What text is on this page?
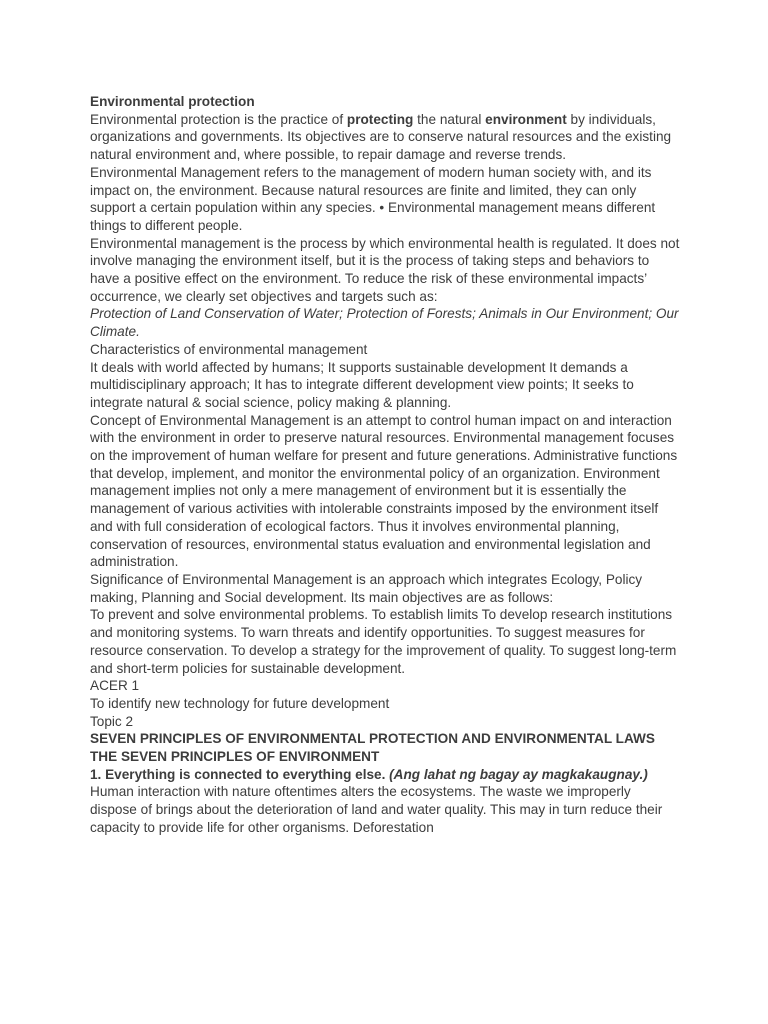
Environmental protection

Environmental protection is the practice of protecting the natural environment by individuals, organizations and governments. Its objectives are to conserve natural resources and the existing natural environment and, where possible, to repair damage and reverse trends.

Environmental Management refers to the management of modern human society with, and its impact on, the environment. Because natural resources are finite and limited, they can only support a certain population within any species. • Environmental management means different things to different people.

Environmental management is the process by which environmental health is regulated. It does not involve managing the environment itself, but it is the process of taking steps and behaviors to have a positive effect on the environment. To reduce the risk of these environmental impacts’ occurrence, we clearly set objectives and targets such as:

Protection of Land Conservation of Water; Protection of Forests; Animals in Our Environment; Our Climate.

Characteristics of environmental management

It deals with world affected by humans; It supports sustainable development It demands a multidisciplinary approach; It has to integrate different development view points; It seeks to integrate natural & social science, policy making & planning.

Concept of Environmental Management is an attempt to control human impact on and interaction with the environment in order to preserve natural resources. Environmental management focuses on the improvement of human welfare for present and future generations. Administrative functions that develop, implement, and monitor the environmental policy of an organization. Environment management implies not only a mere management of environment but it is essentially the management of various activities with intolerable constraints imposed by the environment itself and with full consideration of ecological factors. Thus it involves environmental planning, conservation of resources, environmental status evaluation and environmental legislation and administration.

Significance of Environmental Management is an approach which integrates Ecology, Policy making, Planning and Social development. Its main objectives are as follows:

To prevent and solve environmental problems. To establish limits To develop research institutions and monitoring systems. To warn threats and identify opportunities. To suggest measures for resource conservation. To develop a strategy for the improvement of quality. To suggest long-term and short-term policies for sustainable development.

ACER 1

To identify new technology for future development

Topic 2

SEVEN PRINCIPLES OF ENVIRONMENTAL PROTECTION AND ENVIRONMENTAL LAWS

THE SEVEN PRINCIPLES OF ENVIRONMENT

1. Everything is connected to everything else. (Ang lahat ng bagay ay magkakaugnay.) Human interaction with nature oftentimes alters the ecosystems. The waste we improperly dispose of brings about the deterioration of land and water quality. This may in turn reduce their capacity to provide life for other organisms. Deforestation
